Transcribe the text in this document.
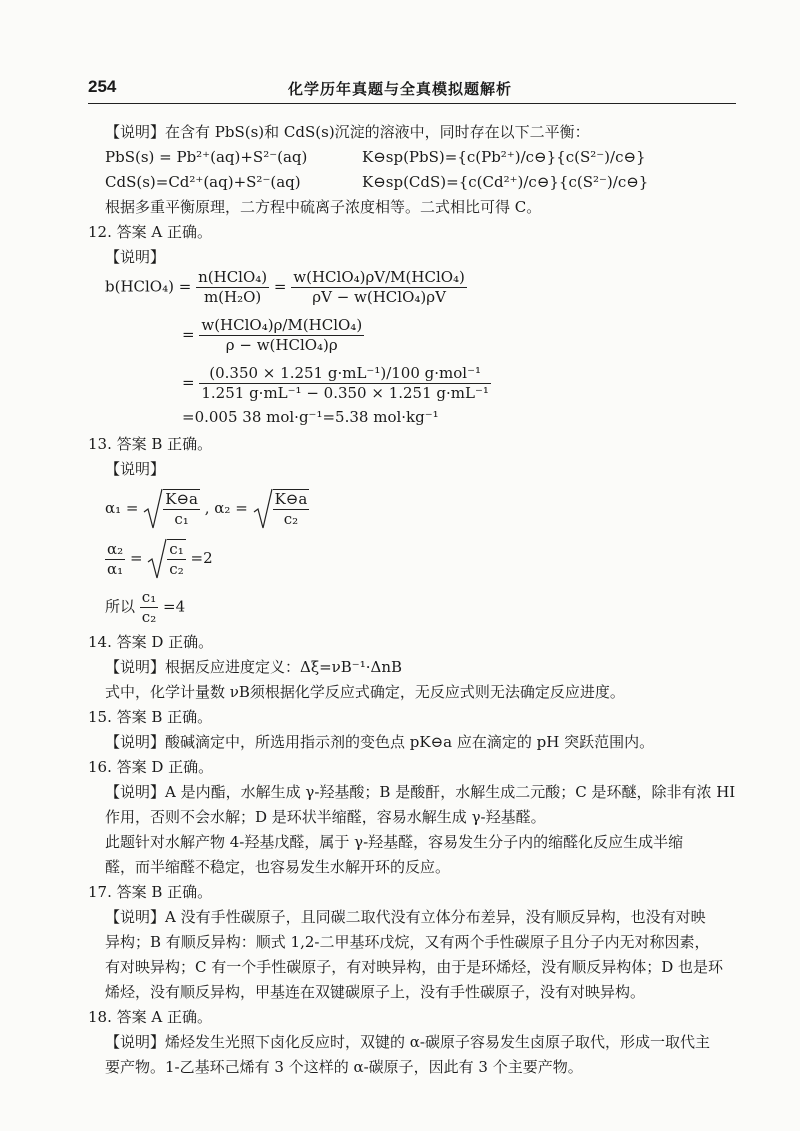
254	化学历年真题与全真模拟题解析
【说明】在含有 PbS(s)和 CdS(s)沉淀的溶液中，同时存在以下二平衡：
PbS(s) = Pb²⁺(aq)+S²⁻(aq)	K⊖sp(PbS)={c(Pb²⁺)/c⊖}{c(S²⁻)/c⊖}
CdS(s)=Cd²⁺(aq)+S²⁻(aq)	K⊖sp(CdS)={c(Cd²⁺)/c⊖}{c(S²⁻)/c⊖}
根据多重平衡原理，二方程中硫离子浓度相等。二式相比可得 C。
12. 答案 A 正确。
【说明】
b(HClO₄) = $\frac{\text{n(HClO₄)}}{\text{m(H₂O)}} = \frac{\text{w(HClO₄)ρV/M(HClO₄)}}{\text{ρV − w(HClO₄)ρV}}$
= $\frac{\text{w(HClO₄)ρ/M(HClO₄)}}{\text{ρ − w(HClO₄)ρ}}$
= $\frac{\text{(0.350 × 1.251 g·mL⁻¹)/100 g·mol⁻¹}}{\text{1.251 g·mL⁻¹ − 0.350 × 1.251 g·mL⁻¹}}$
=0.005 38 mol·g⁻¹=5.38 mol·kg⁻¹
13. 答案 B 正确。
【说明】
$\alpha_1 = \frac{K⊖a}{\text{c₁}}$ , $\alpha_2 = \frac{K⊖a}{\text{c₂}}$
$\frac{\text{α₂}}{\text{α₁}} = \frac{\text{c₁}}{\text{c₂}} =2$
所以 $\frac{\text{c₁}}{\text{c₂}} =4$
14. 答案 D 正确。
【说明】根据反应进度定义：Δξ=νB⁻¹·ΔnB
式中，化学计量数 νB须根据化学反应式确定，无反应式则无法确定反应进度。
15. 答案 B 正确。
【说明】酸碱滴定中，所选用指示剂的变色点 pK⊖a 应在滴定的 pH 突跃范围内。
16. 答案 D 正确。
【说明】A 是内酯，水解生成 γ-羟基酸；B 是酸酐，水解生成二元酸；C 是环醚，除非有浓 HI
作用，否则不会水解；D 是环状半缩醛，容易水解生成 γ-羟基醛。
此题针对水解产物 4-羟基戊醛，属于 γ-羟基醛，容易发生分子内的缩醛化反应生成半缩
醛，而半缩醛不稳定，也容易发生水解开环的反应。
17. 答案 B 正确。
【说明】A 没有手性碳原子，且同碳二取代没有立体分布差异，没有顺反异构，也没有对映
异构；B 有顺反异构：顺式 1,2-二甲基环戊烷，又有两个手性碳原子且分子内无对称因素，
有对映异构；C 有一个手性碳原子，有对映异构，由于是环烯烃，没有顺反异构体；D 也是环
烯烃，没有顺反异构，甲基连在双键碳原子上，没有手性碳原子，没有对映异构。
18. 答案 A 正确。
【说明】烯烃发生光照下卤化反应时，双键的 α-碳原子容易发生卤原子取代，形成一取代主
要产物。1-乙基环己烯有 3 个这样的 α-碳原子，因此有 3 个主要产物。
